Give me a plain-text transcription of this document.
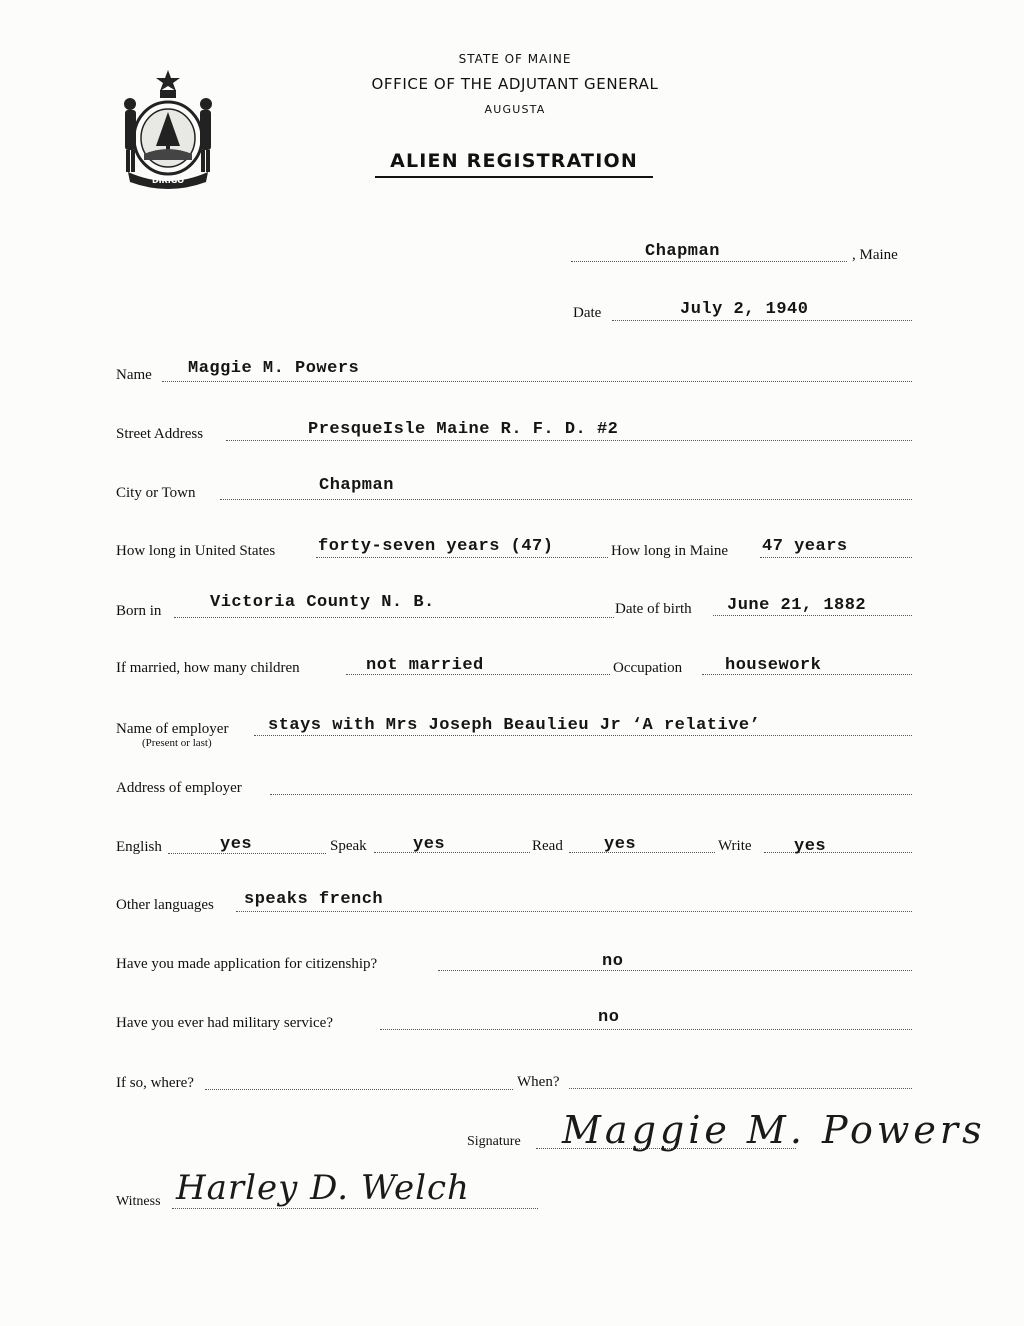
DIRIGO
STATE OF MAINE
OFFICE OF THE ADJUTANT GENERAL
AUGUSTA
ALIEN REGISTRATION
Chapman	, Maine
Date	July 2, 1940
Name Maggie M. Powers
Street Address	PresqueIsle Maine R. F. D. #2
City or Town	Chapman
How long in United States	forty-seven years (47)	How long in Maine 47 years
Born in	Victoria County N. B.	Date of birth June 21, 1882
If married, how many children	not married	Occupation	housework
Name of employer
(Present or last)
stays with Mrs Joseph Beaulieu Jr ‘A relative’
Address of employer
English	yes	Speak	yes	Read yes	Write yes
Other languages speaks french
Have you made application for citizenship?	no
Have you ever had military service?	no
If so, where?	When?
Signature Maggie M. Powers
Witness Harley D. Welch
